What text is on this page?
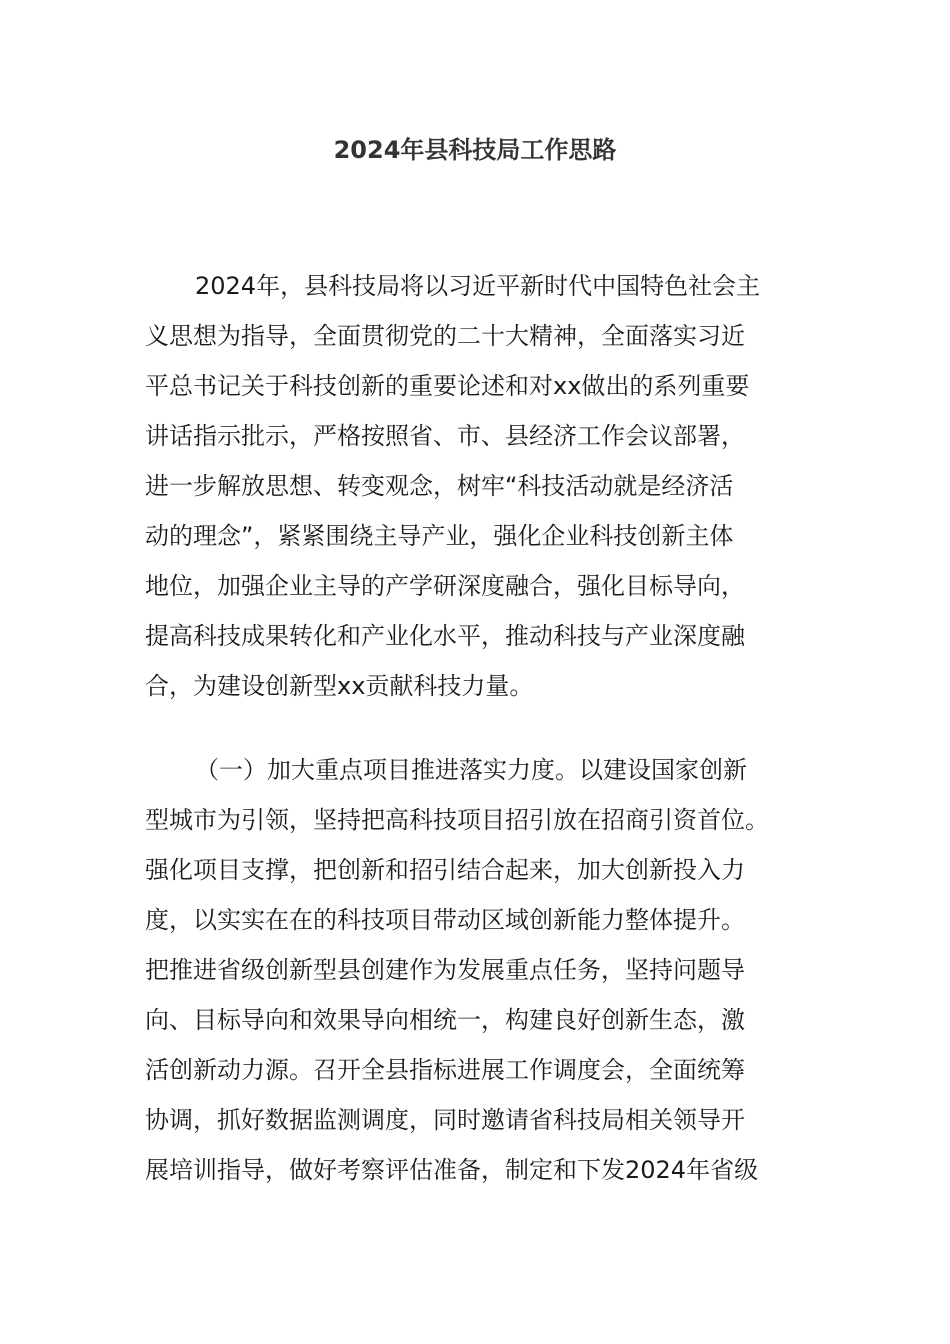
2024年县科技局工作思路
2024年，县科技局将以习近平新时代中国特色社会主
义思想为指导，全面贯彻党的二十大精神，全面落实习近
平总书记关于科技创新的重要论述和对xx做出的系列重要
讲话指示批示，严格按照省、市、县经济工作会议部署，
进一步解放思想、转变观念，树牢“科技活动就是经济活
动的理念”，紧紧围绕主导产业，强化企业科技创新主体
地位，加强企业主导的产学研深度融合，强化目标导向，
提高科技成果转化和产业化水平，推动科技与产业深度融
合，为建设创新型xx贡献科技力量。
（一）加大重点项目推进落实力度。以建设国家创新
型城市为引领，坚持把高科技项目招引放在招商引资首位。
强化项目支撑，把创新和招引结合起来，加大创新投入力
度，以实实在在的科技项目带动区域创新能力整体提升。
把推进省级创新型县创建作为发展重点任务，坚持问题导
向、目标导向和效果导向相统一，构建良好创新生态，激
活创新动力源。召开全县指标进展工作调度会，全面统筹
协调，抓好数据监测调度，同时邀请省科技局相关领导开
展培训指导，做好考察评估准备，制定和下发2024年省级
